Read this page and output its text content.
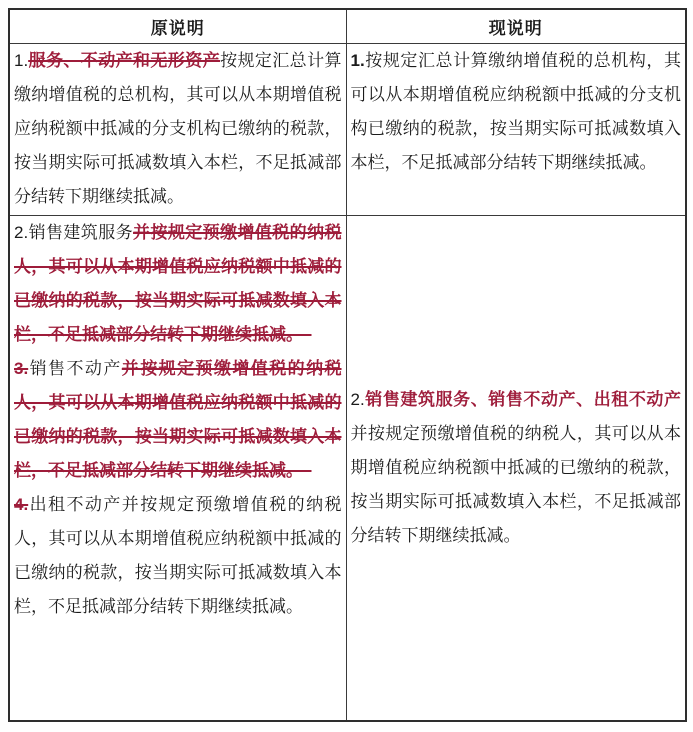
原说明	现说明

1.服务、不动产和无形资产按规定汇总计算缴纳增值税的总机构，其可以从本期增值税应纳税额中抵减的分支机构已缴纳的税款，按当期实际可抵减数填入本栏，不足抵减部分结转下期继续抵减。	1.按规定汇总计算缴纳增值税的总机构，其可以从本期增值税应纳税额中抵减的分支机构已缴纳的税款，按当期实际可抵减数填入本栏，不足抵减部分结转下期继续抵减。

2.销售建筑服务并按规定预缴增值税的纳税人，其可以从本期增值税应纳税额中抵减的已缴纳的税款，按当期实际可抵减数填入本栏，不足抵减部分结转下期继续抵减。　

3.销售不动产并按规定预缴增值税的纳税人，其可以从本期增值税应纳税额中抵减的已缴纳的税款，按当期实际可抵减数填入本栏，不足抵减部分结转下期继续抵减。　

4.出租不动产并按规定预缴增值税的纳税人，其可以从本期增值税应纳税额中抵减的已缴纳的税款，按当期实际可抵减数填入本栏，不足抵减部分结转下期继续抵减。	2.销售建筑服务、销售不动产、出租不动产并按规定预缴增值税的纳税人，其可以从本期增值税应纳税额中抵减的已缴纳的税款，按当期实际可抵减数填入本栏，不足抵减部分结转下期继续抵减。
